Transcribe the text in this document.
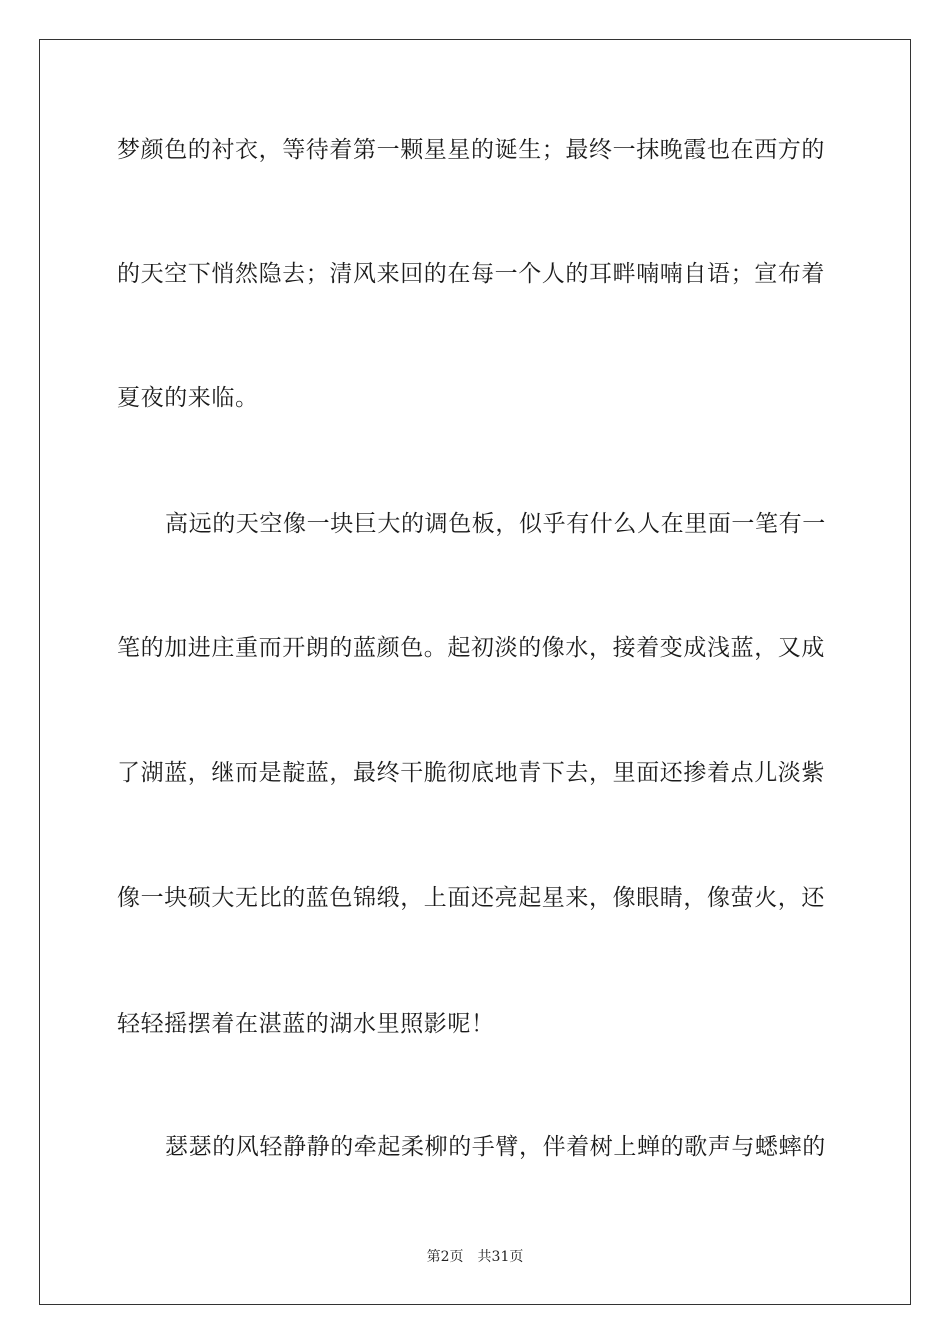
梦颜色的衬衣，等待着第一颗星星的诞生；最终一抹晚霞也在西方的
的天空下悄然隐去；清风来回的在每一个人的耳畔喃喃自语；宣布着
夏夜的来临。
高远的天空像一块巨大的调色板，似乎有什么人在里面一笔有一
笔的加进庄重而开朗的蓝颜色。起初淡的像水，接着变成浅蓝，又成
了湖蓝，继而是靛蓝，最终干脆彻底地青下去，里面还掺着点儿淡紫
像一块硕大无比的蓝色锦缎，上面还亮起星来，像眼睛，像萤火，还
轻轻摇摆着在湛蓝的湖水里照影呢！
瑟瑟的风轻静静的牵起柔柳的手臂，伴着树上蝉的歌声与蟋蟀的
第2页 共31页
